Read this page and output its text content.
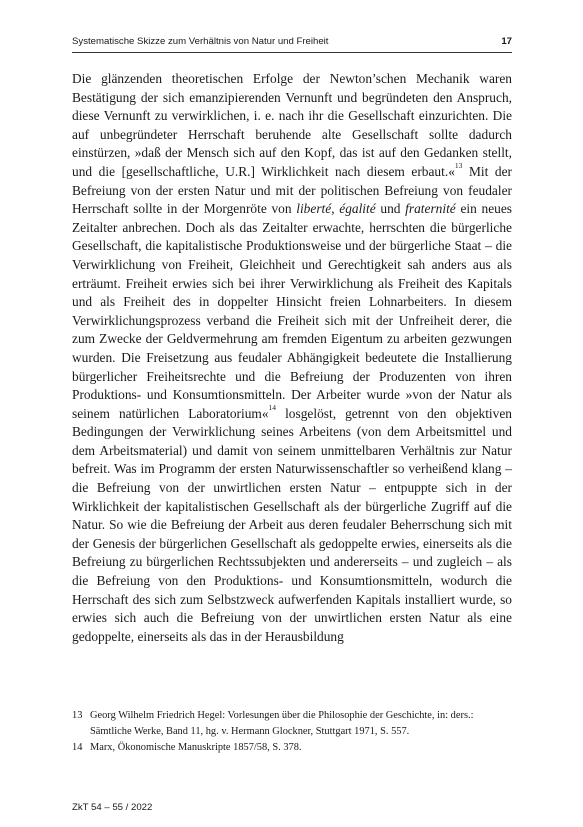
Systematische Skizze zum Verhältnis von Natur und Freiheit	17

Die glänzenden theoretischen Erfolge der Newton’schen Mechanik waren Bestätigung der sich emanzipierenden Vernunft und begründeten den Anspruch, diese Vernunft zu verwirklichen, i. e. nach ihr die Gesellschaft einzurichten. Die auf unbegründeter Herrschaft beruhende alte Gesellschaft sollte dadurch einstürzen, »daß der Mensch sich auf den Kopf, das ist auf den Gedanken stellt, und die [gesellschaftliche, U.R.] Wirklichkeit nach diesem erbaut.«$^{13}$ Mit der Befreiung von der ersten Natur und mit der politischen Befreiung von feudaler Herrschaft sollte in der Morgenröte von liberté, égalité und fraternité ein neues Zeitalter anbrechen. Doch als das Zeitalter erwachte, herrschten die bürgerliche Gesellschaft, die kapitalistische Produktionsweise und der bürgerliche Staat – die Verwirklichung von Freiheit, Gleichheit und Gerechtigkeit sah anders aus als erträumt. Freiheit erwies sich bei ihrer Verwirklichung als Freiheit des Kapitals und als Freiheit des in doppelter Hinsicht freien Lohnarbeiters. In diesem Verwirklichungsprozess verband die Freiheit sich mit der Unfreiheit derer, die zum Zwecke der Geldvermehrung am fremden Eigentum zu arbeiten gezwungen wurden. Die Freisetzung aus feudaler Abhängigkeit bedeutete die Installierung bürgerlicher Freiheitsrechte und die Befreiung der Produzenten von ihren Produktions- und Konsumtionsmitteln. Der Arbeiter wurde »von der Natur als seinem natürlichen Laboratorium«$^{14}$ losgelöst, getrennt von den objektiven Bedingungen der Verwirklichung seines Arbeitens (von dem Arbeitsmittel und dem Arbeitsmaterial) und damit von seinem unmittelbaren Verhältnis zur Natur befreit. Was im Programm der ersten Naturwissenschaftler so verheißend klang – die Befreiung von der unwirtlichen ersten Natur – entpuppte sich in der Wirklichkeit der kapitalistischen Gesellschaft als der bürgerliche Zugriff auf die Natur. So wie die Befreiung der Arbeit aus deren feudaler Beherrschung sich mit der Genesis der bürgerlichen Gesellschaft als gedoppelte erwies, einerseits als die Befreiung zu bürgerlichen Rechtssubjekten und andererseits – und zugleich – als die Befreiung von den Produktions- und Konsumtionsmitteln, wodurch die Herrschaft des sich zum Selbstzweck aufwerfenden Kapitals installiert wurde, so erwies sich auch die Befreiung von der unwirtlichen ersten Natur als eine gedoppelte, einerseits als das in der Herausbildung

13 Georg Wilhelm Friedrich Hegel: Vorlesungen über die Philosophie der Geschichte, in: ders.: Sämtliche Werke, Band 11, hg. v. Hermann Glockner, Stuttgart 1971, S. 557.
14 Marx, Ökonomische Manuskripte 1857/58, S. 378.
ZkT 54 – 55 / 2022
